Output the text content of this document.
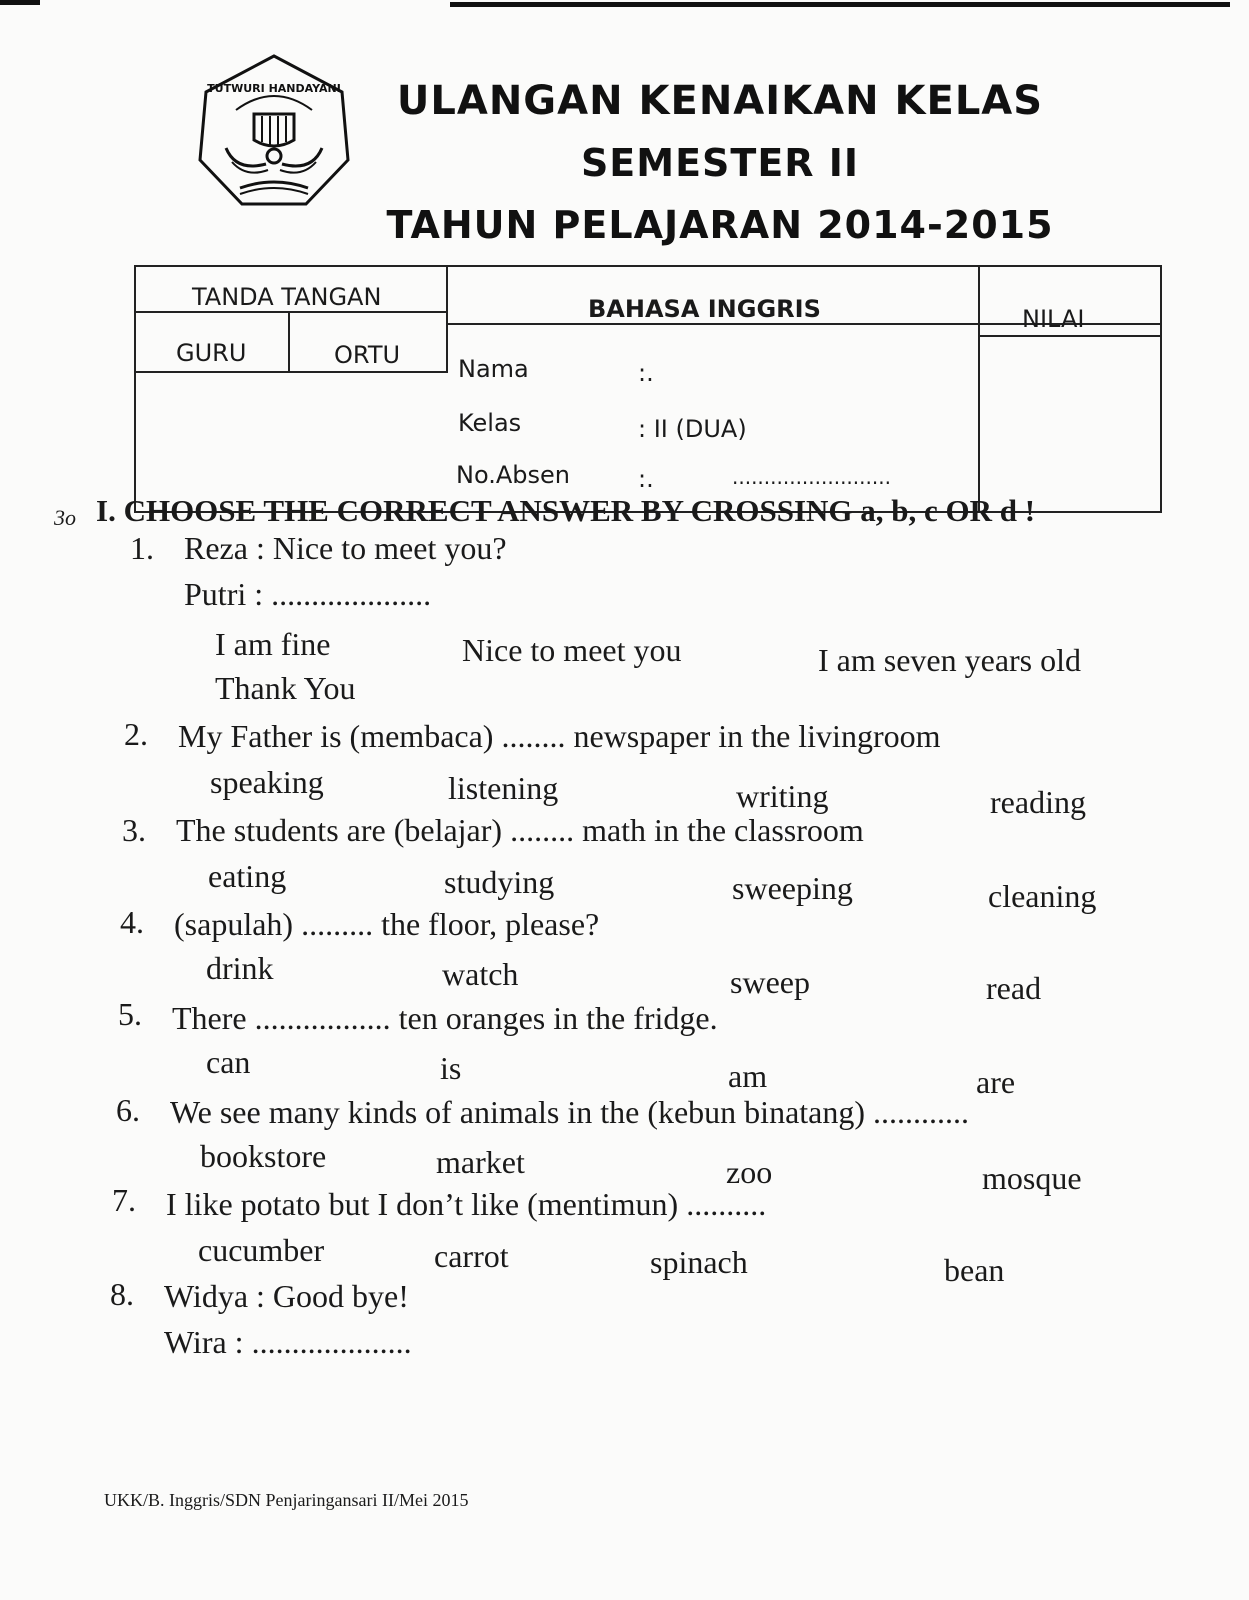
TUTWURI HANDAYANI	ULANGAN KENAIKAN KELAS
SEMESTER II
TAHUN PELAJARAN 2014-2015
TANDA TANGAN
GURU	ORTU
BAHASA INGGRIS	NILAI
Nama	:.
Kelas	: II (DUA)
No.Absen	:.	.........................
3o I. CHOOSE THE CORRECT ANSWER BY CROSSING a, b, c OR d !
1. Reza : Nice to meet you?
Putri : ....................
I am fine	Nice to meet you	I am seven years old
Thank You
2. My Father is (membaca) ........ newspaper in the livingroom
speaking	listening	writing	reading
3. The students are (belajar) ........ math in the classroom
eating	studying	sweeping	cleaning
4. (sapulah) ......... the floor, please?
drink	watch	sweep	read
5. There ................. ten oranges in the fridge.
can	is	am	are
6. We see many kinds of animals in the (kebun binatang) ............
bookstore	market	zoo	mosque
7. I like potato but I don’t like (mentimun) ..........
cucumber	carrot	spinach	bean
8. Widya : Good bye!
Wira : ....................
UKK/B. Inggris/SDN Penjaringansari II/Mei 2015
